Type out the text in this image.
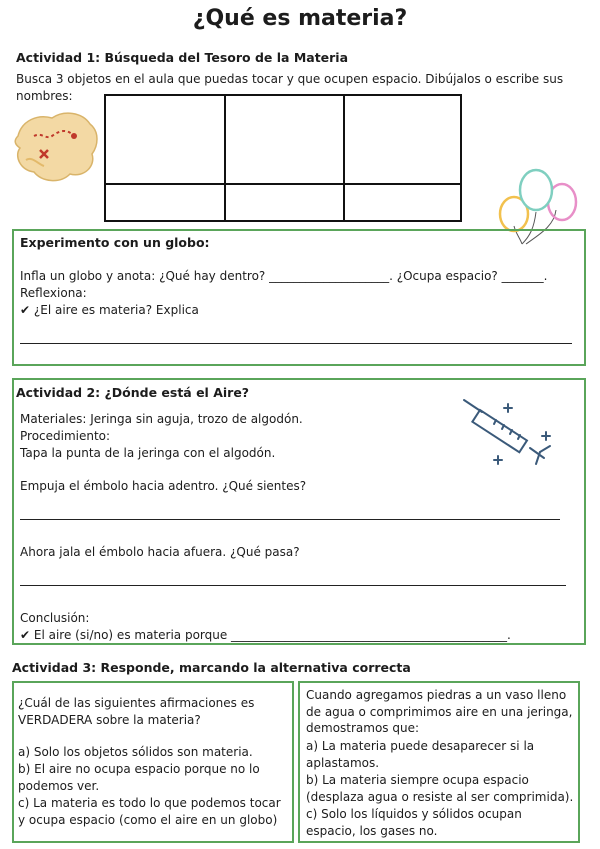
¿Qué es materia?
Actividad 1: Búsqueda del Tesoro de la Materia
Busca 3 objetos en el aula que puedas tocar y que ocupen espacio. Dibújalos o escribe sus
nombres:
Experimento con un globo:
Infla un globo y anota: ¿Qué hay dentro? ____________________. ¿Ocupa espacio? _______.
Reflexiona:
✔ ¿El aire es materia? Explica
Actividad 2: ¿Dónde está el Aire?
Materiales: Jeringa sin aguja, trozo de algodón.
Procedimiento:
Tapa la punta de la jeringa con el algodón.
Empuja el émbolo hacia adentro. ¿Qué sientes?
Ahora jala el émbolo hacia afuera. ¿Qué pasa?
Conclusión:
✔ El aire (si/no) es materia porque ______________________________________________.
Actividad 3: Responde, marcando la alternativa correcta
¿Cuál de las siguientes afirmaciones es
VERDADERA sobre la materia?
a) Solo los objetos sólidos son materia.
b) El aire no ocupa espacio porque no lo
podemos ver.
c) La materia es todo lo que podemos tocar
y ocupa espacio (como el aire en un globo)
Cuando agregamos piedras a un vaso lleno
de agua o comprimimos aire en una jeringa,
demostramos que:
a) La materia puede desaparecer si la
aplastamos.
b) La materia siempre ocupa espacio
(desplaza agua o resiste al ser comprimida).
c) Solo los líquidos y sólidos ocupan
espacio, los gases no.
